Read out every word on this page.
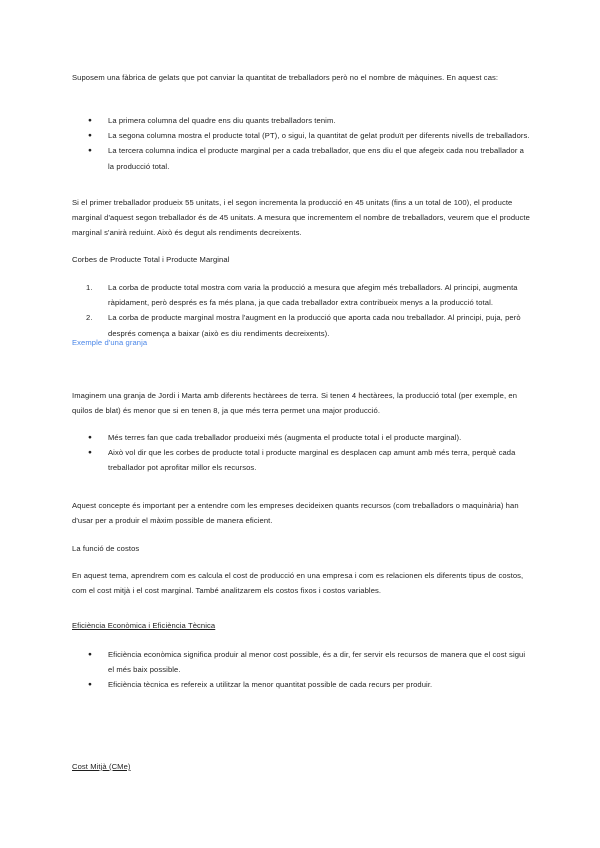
Suposem una fàbrica de gelats que pot canviar la quantitat de treballadors però no el nombre de màquines. En aquest cas:

● La primera columna del quadre ens diu quants treballadors tenim.
● La segona columna mostra el producte total (PT), o sigui, la quantitat de gelat produït per diferents nivells de treballadors.
● La tercera columna indica el producte marginal per a cada treballador, que ens diu el que afegeix cada nou treballador a la producció total.

Si el primer treballador produeix 55 unitats, i el segon incrementa la producció en 45 unitats (fins a un total de 100), el producte marginal d'aquest segon treballador és de 45 unitats. A mesura que incrementem el nombre de treballadors, veurem que el producte marginal s'anirà reduint. Això és degut als rendiments decreixents.

Corbes de Producte Total i Producte Marginal

1. La corba de producte total mostra com varia la producció a mesura que afegim més treballadors. Al principi, augmenta ràpidament, però després es fa més plana, ja que cada treballador extra contribueix menys a la producció total.
2. La corba de producte marginal mostra l'augment en la producció que aporta cada nou treballador. Al principi, puja, però després comença a baixar (això es diu rendiments decreixents).

Exemple d'una granja

Imaginem una granja de Jordi i Marta amb diferents hectàrees de terra. Si tenen 4 hectàrees, la producció total (per exemple, en quilos de blat) és menor que si en tenen 8, ja que més terra permet una major producció.

● Més terres fan que cada treballador produeixi més (augmenta el producte total i el producte marginal).
● Això vol dir que les corbes de producte total i producte marginal es desplacen cap amunt amb més terra, perquè cada treballador pot aprofitar millor els recursos.

Aquest concepte és important per a entendre com les empreses decideixen quants recursos (com treballadors o maquinària) han d'usar per a produir el màxim possible de manera eficient.

La funció de costos

En aquest tema, aprendrem com es calcula el cost de producció en una empresa i com es relacionen els diferents tipus de costos, com el cost mitjà i el cost marginal. També analitzarem els costos fixos i costos variables.

Eficiència Econòmica i Eficiència Tècnica

● Eficiència econòmica significa produir al menor cost possible, és a dir, fer servir els recursos de manera que el cost sigui el més baix possible.
● Eficiència tècnica es refereix a utilitzar la menor quantitat possible de cada recurs per produir.

Cost Mitjà (CMe)
